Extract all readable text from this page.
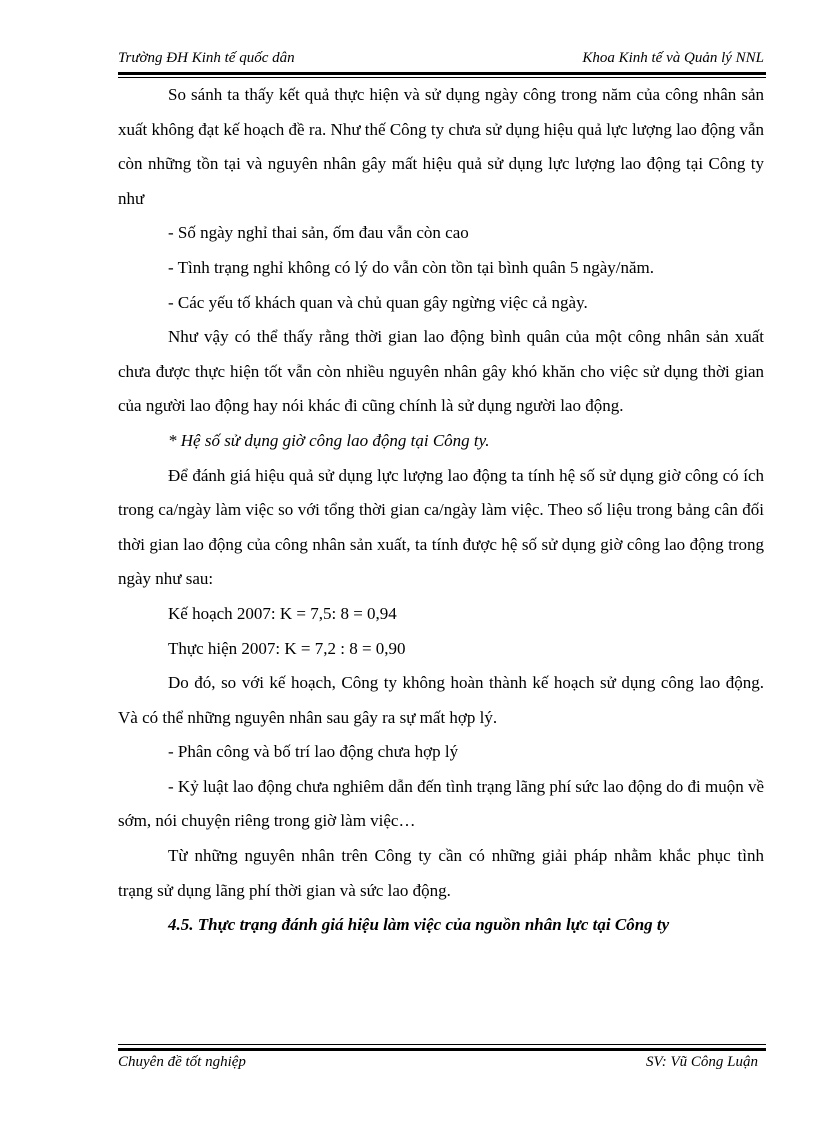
Trường ĐH Kinh tế quốc dân	Khoa Kinh tế và Quản lý NNL

So sánh ta thấy kết quả thực hiện và sử dụng ngày công trong năm của công nhân sản xuất không đạt kế hoạch đề ra. Như thế Công ty chưa sử dụng hiệu quả lực lượng lao động vẫn còn những tồn tại và nguyên nhân gây mất hiệu quả sử dụng lực lượng lao động tại Công ty như

- Số ngày nghỉ thai sản, ốm đau vẫn còn cao

- Tình trạng nghỉ không có lý do vẫn còn tồn tại bình quân 5 ngày/năm.

- Các yếu tố khách quan và chủ quan gây ngừng việc cả ngày.

Như vậy có thể thấy rằng thời gian lao động bình quân của một công nhân sản xuất chưa được thực hiện tốt vẫn còn nhiều nguyên nhân gây khó khăn cho việc sử dụng thời gian của người lao động hay nói khác đi cũng chính là sử dụng người lao động.

* Hệ số sử dụng giờ công lao động tại Công ty.

Để đánh giá hiệu quả sử dụng lực lượng lao động ta tính hệ số sử dụng giờ công có ích trong ca/ngày làm việc so với tổng thời gian ca/ngày làm việc. Theo số liệu trong bảng cân đối thời gian lao động của công nhân sản xuất, ta tính được hệ số sử dụng giờ công lao động trong ngày như sau:

Kế hoạch 2007: K = 7,5: 8 = 0,94

Thực hiện 2007: K = 7,2 : 8 = 0,90

Do đó, so với kế hoạch, Công ty không hoàn thành kế hoạch sử dụng công lao động. Và có thể những nguyên nhân sau gây ra sự mất hợp lý.

- Phân công và bố trí lao động chưa hợp lý

- Kỷ luật lao động chưa nghiêm dẫn đến tình trạng lãng phí sức lao động do đi muộn về sớm, nói chuyện riêng trong giờ làm việc…

Từ những nguyên nhân trên Công ty cần có những giải pháp nhằm khắc phục tình trạng sử dụng lãng phí thời gian và sức lao động.

4.5. Thực trạng đánh giá hiệu làm việc của nguồn nhân lực tại Công ty

Chuyên đề tốt nghiệp	SV: Vũ Công Luận
